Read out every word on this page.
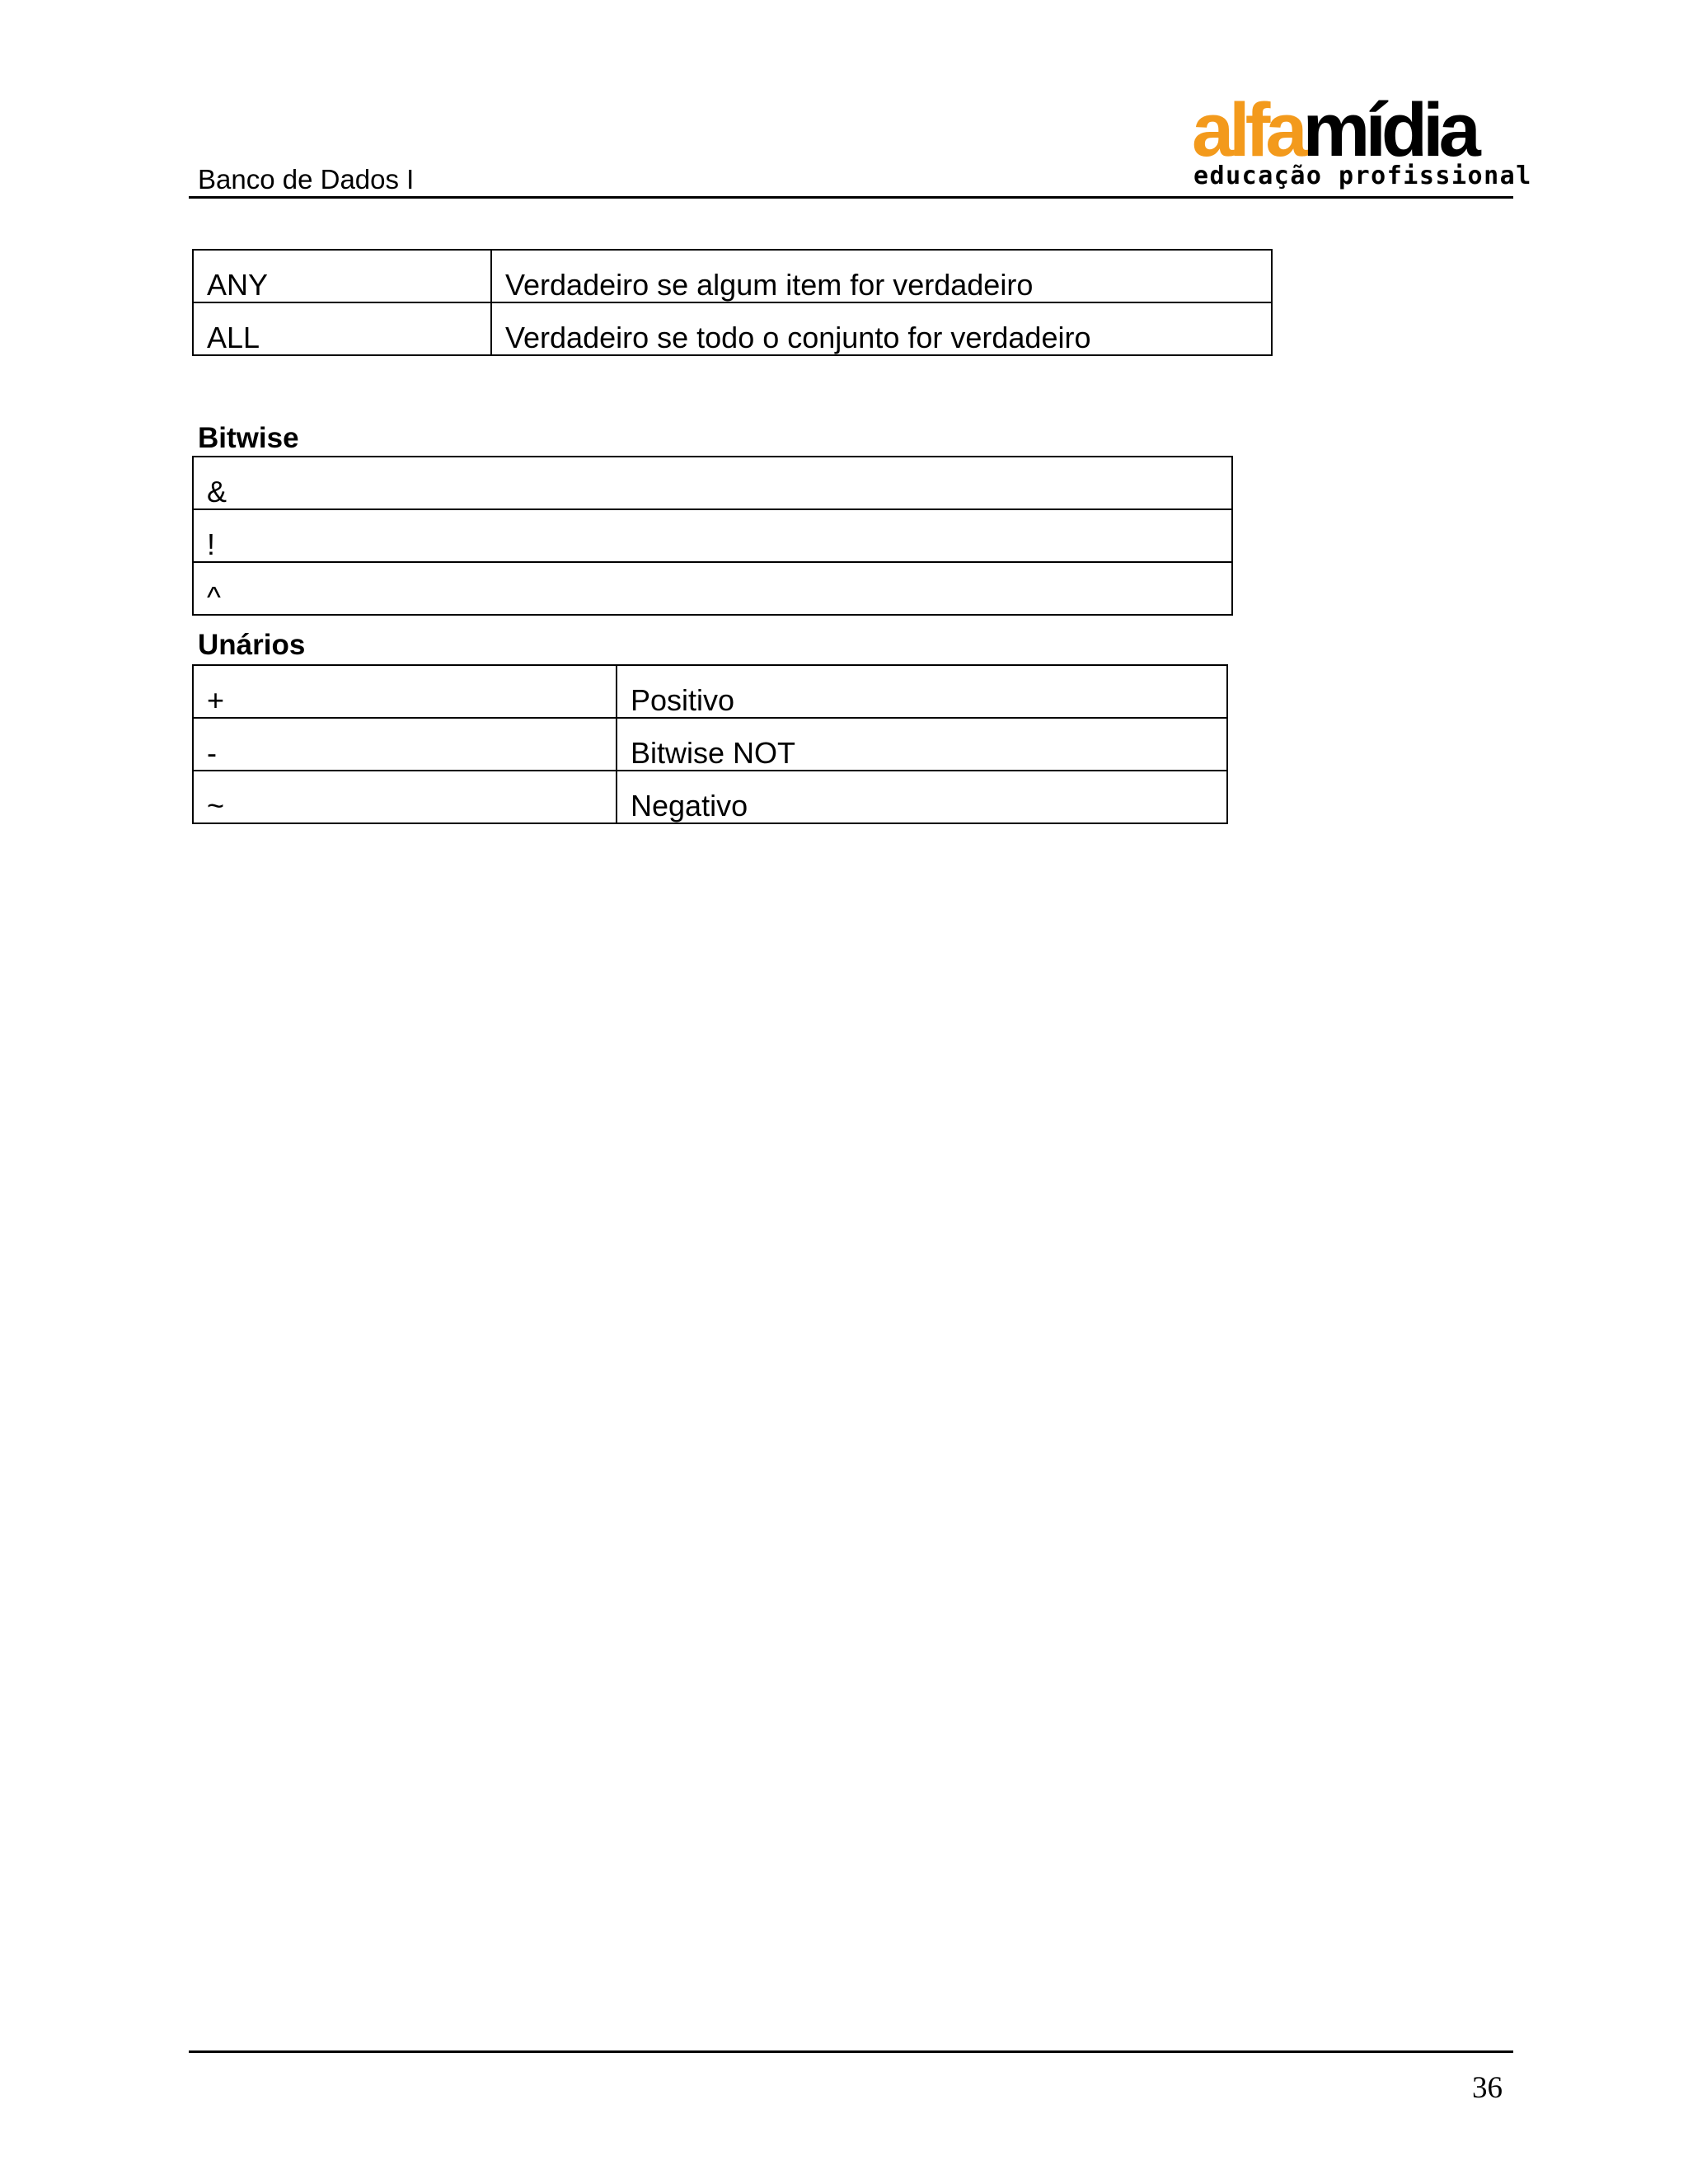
Banco de Dados I
alfamídia
educação profissional
ANY	Verdadeiro se algum item for verdadeiro
ALL	Verdadeiro se todo o conjunto for verdadeiro
Bitwise
&
!
^
Unários
+	Positivo
-	Bitwise NOT
~	Negativo
36
